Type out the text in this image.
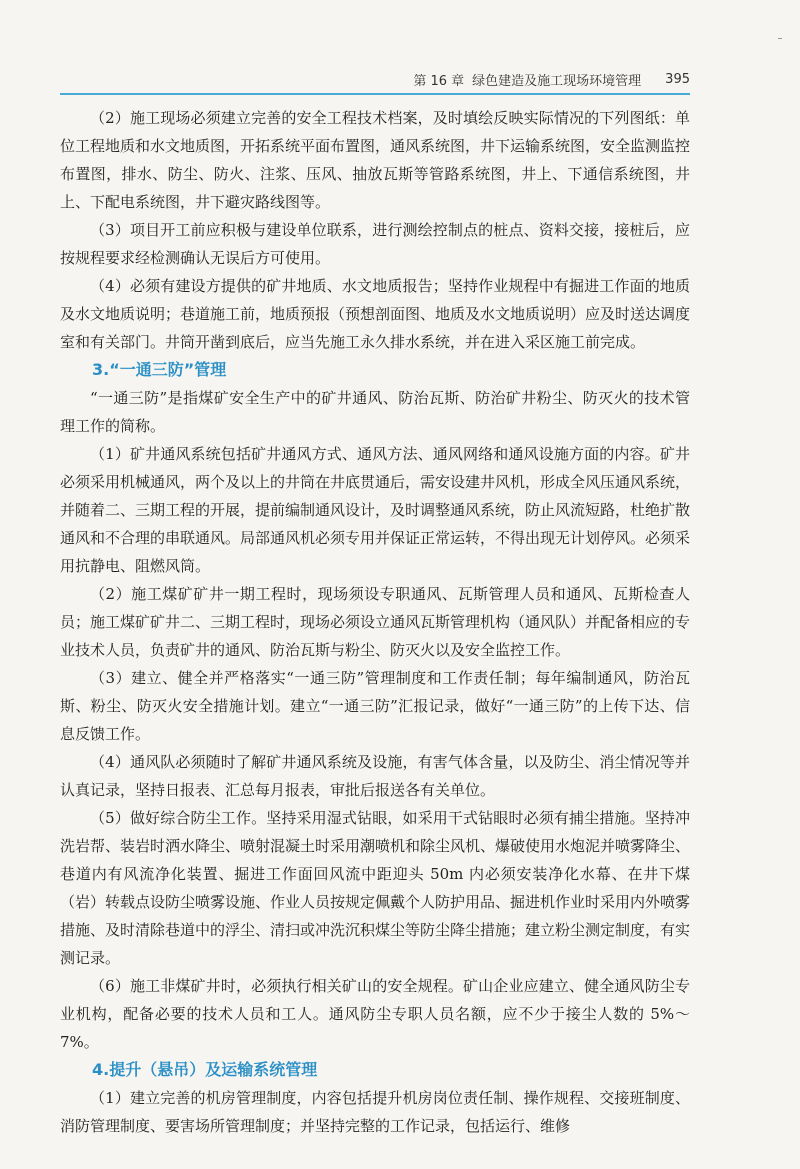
第 16 章 绿色建造及施工现场环境管理 395

（2）施工现场必须建立完善的安全工程技术档案，及时填绘反映实际情况的下列图纸：单位工程地质和水文地质图，开拓系统平面布置图，通风系统图，井下运输系统图，安全监测监控布置图，排水、防尘、防火、注浆、压风、抽放瓦斯等管路系统图，井上、下通信系统图，井上、下配电系统图，井下避灾路线图等。

（3）项目开工前应积极与建设单位联系，进行测绘控制点的桩点、资料交接，接桩后，应按规程要求经检测确认无误后方可使用。

（4）必须有建设方提供的矿井地质、水文地质报告；坚持作业规程中有掘进工作面的地质及水文地质说明；巷道施工前，地质预报（预想剖面图、地质及水文地质说明）应及时送达调度室和有关部门。井筒开凿到底后，应当先施工永久排水系统，并在进入采区施工前完成。

3.“一通三防”管理

“一通三防”是指煤矿安全生产中的矿井通风、防治瓦斯、防治矿井粉尘、防灭火的技术管理工作的简称。

（1）矿井通风系统包括矿井通风方式、通风方法、通风网络和通风设施方面的内容。矿井必须采用机械通风，两个及以上的井筒在井底贯通后，需安设建井风机，形成全风压通风系统，并随着二、三期工程的开展，提前编制通风设计，及时调整通风系统，防止风流短路，杜绝扩散通风和不合理的串联通风。局部通风机必须专用并保证正常运转，不得出现无计划停风。必须采用抗静电、阻燃风筒。

（2）施工煤矿矿井一期工程时，现场须设专职通风、瓦斯管理人员和通风、瓦斯检查人员；施工煤矿矿井二、三期工程时，现场必须设立通风瓦斯管理机构（通风队）并配备相应的专业技术人员，负责矿井的通风、防治瓦斯与粉尘、防灭火以及安全监控工作。

（3）建立、健全并严格落实“一通三防”管理制度和工作责任制；每年编制通风，防治瓦斯、粉尘、防灭火安全措施计划。建立“一通三防”汇报记录，做好“一通三防”的上传下达、信息反馈工作。

（4）通风队必须随时了解矿井通风系统及设施，有害气体含量，以及防尘、消尘情况等并认真记录，坚持日报表、汇总每月报表，审批后报送各有关单位。

（5）做好综合防尘工作。坚持采用湿式钻眼，如采用干式钻眼时必须有捕尘措施。坚持冲洗岩帮、装岩时洒水降尘、喷射混凝土时采用潮喷机和除尘风机、爆破使用水炮泥并喷雾降尘、巷道内有风流净化装置、掘进工作面回风流中距迎头 50m 内必须安装净化水幕、在井下煤（岩）转载点设防尘喷雾设施、作业人员按规定佩戴个人防护用品、掘进机作业时采用内外喷雾措施、及时清除巷道中的浮尘、清扫或冲洗沉积煤尘等防尘降尘措施；建立粉尘测定制度，有实测记录。

（6）施工非煤矿井时，必须执行相关矿山的安全规程。矿山企业应建立、健全通风防尘专业机构，配备必要的技术人员和工人。通风防尘专职人员名额，应不少于接尘人数的 5%～7%。

4.提升（悬吊）及运输系统管理

（1）建立完善的机房管理制度，内容包括提升机房岗位责任制、操作规程、交接班制度、消防管理制度、要害场所管理制度；并坚持完整的工作记录，包括运行、维修
